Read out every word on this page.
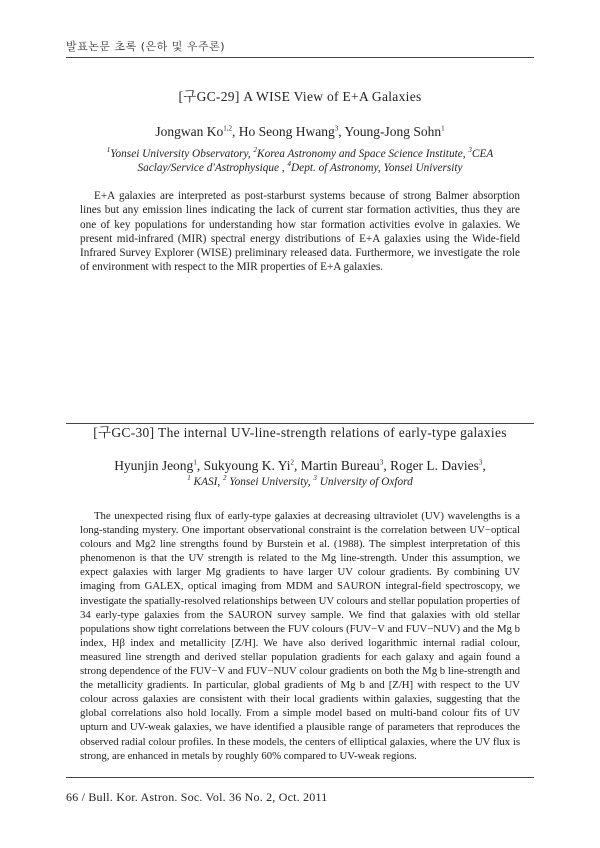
발표논문 초록 (은하 및 우주론)

[구GC-29] A WISE View of E+A Galaxies

Jongwan Ko$^{1,2}$, Ho Seong Hwang$^3$, Young-Jong Sohn$^1$
$^1$Yonsei University Observatory, $^2$Korea Astronomy and Space Science Institute, $^3$CEA
Saclay/Service d'Astrophysique , $^4$Dept. of Astronomy, Yonsei University

E+A galaxies are interpreted as post-starburst systems because of strong Balmer absorption lines but any emission lines indicating the lack of current star formation activities, thus they are one of key populations for understanding how star formation activities evolve in galaxies. We present mid-infrared (MIR) spectral energy distributions of E+A galaxies using the Wide-field Infrared Survey Explorer (WISE) preliminary released data. Furthermore, we investigate the role of environment with respect to the MIR properties of E+A galaxies.

[구GC-30] The internal UV-line-strength relations of early-type galaxies

Hyunjin Jeong$^1$, Sukyoung K. Yi$^2$, Martin Bureau$^3$, Roger L. Davies$^3$,
$^1$ KASI, $^2$ Yonsei University, $^3$ University of Oxford

The unexpected rising flux of early-type galaxies at decreasing ultraviolet (UV) wavelengths is a long-standing mystery. One important observational constraint is the correlation between UV−optical colours and Mg2 line strengths found by Burstein et al. (1988). The simplest interpretation of this phenomenon is that the UV strength is related to the Mg line-strength. Under this assumption, we expect galaxies with larger Mg gradients to have larger UV colour gradients. By combining UV imaging from GALEX, optical imaging from MDM and SAURON integral-field spectroscopy, we investigate the spatially-resolved relationships between UV colours and stellar population properties of 34 early-type galaxies from the SAURON survey sample. We find that galaxies with old stellar populations show tight correlations between the FUV colours (FUV−V and FUV−NUV) and the Mg b index, Hβ index and metallicity [Z/H]. We have also derived logarithmic internal radial colour, measured line strength and derived stellar population gradients for each galaxy and again found a strong dependence of the FUV−V and FUV−NUV colour gradients on both the Mg b line-strength and the metallicity gradients. In particular, global gradients of Mg b and [Z/H] with respect to the UV colour across galaxies are consistent with their local gradients within galaxies, suggesting that the global correlations also hold locally. From a simple model based on multi-band colour fits of UV upturn and UV-weak galaxies, we have identified a plausible range of parameters that reproduces the observed radial colour profiles. In these models, the centers of elliptical galaxies, where the UV flux is strong, are enhanced in metals by roughly 60% compared to UV-weak regions.

66 / Bull. Kor. Astron. Soc. Vol. 36 No. 2, Oct. 2011
